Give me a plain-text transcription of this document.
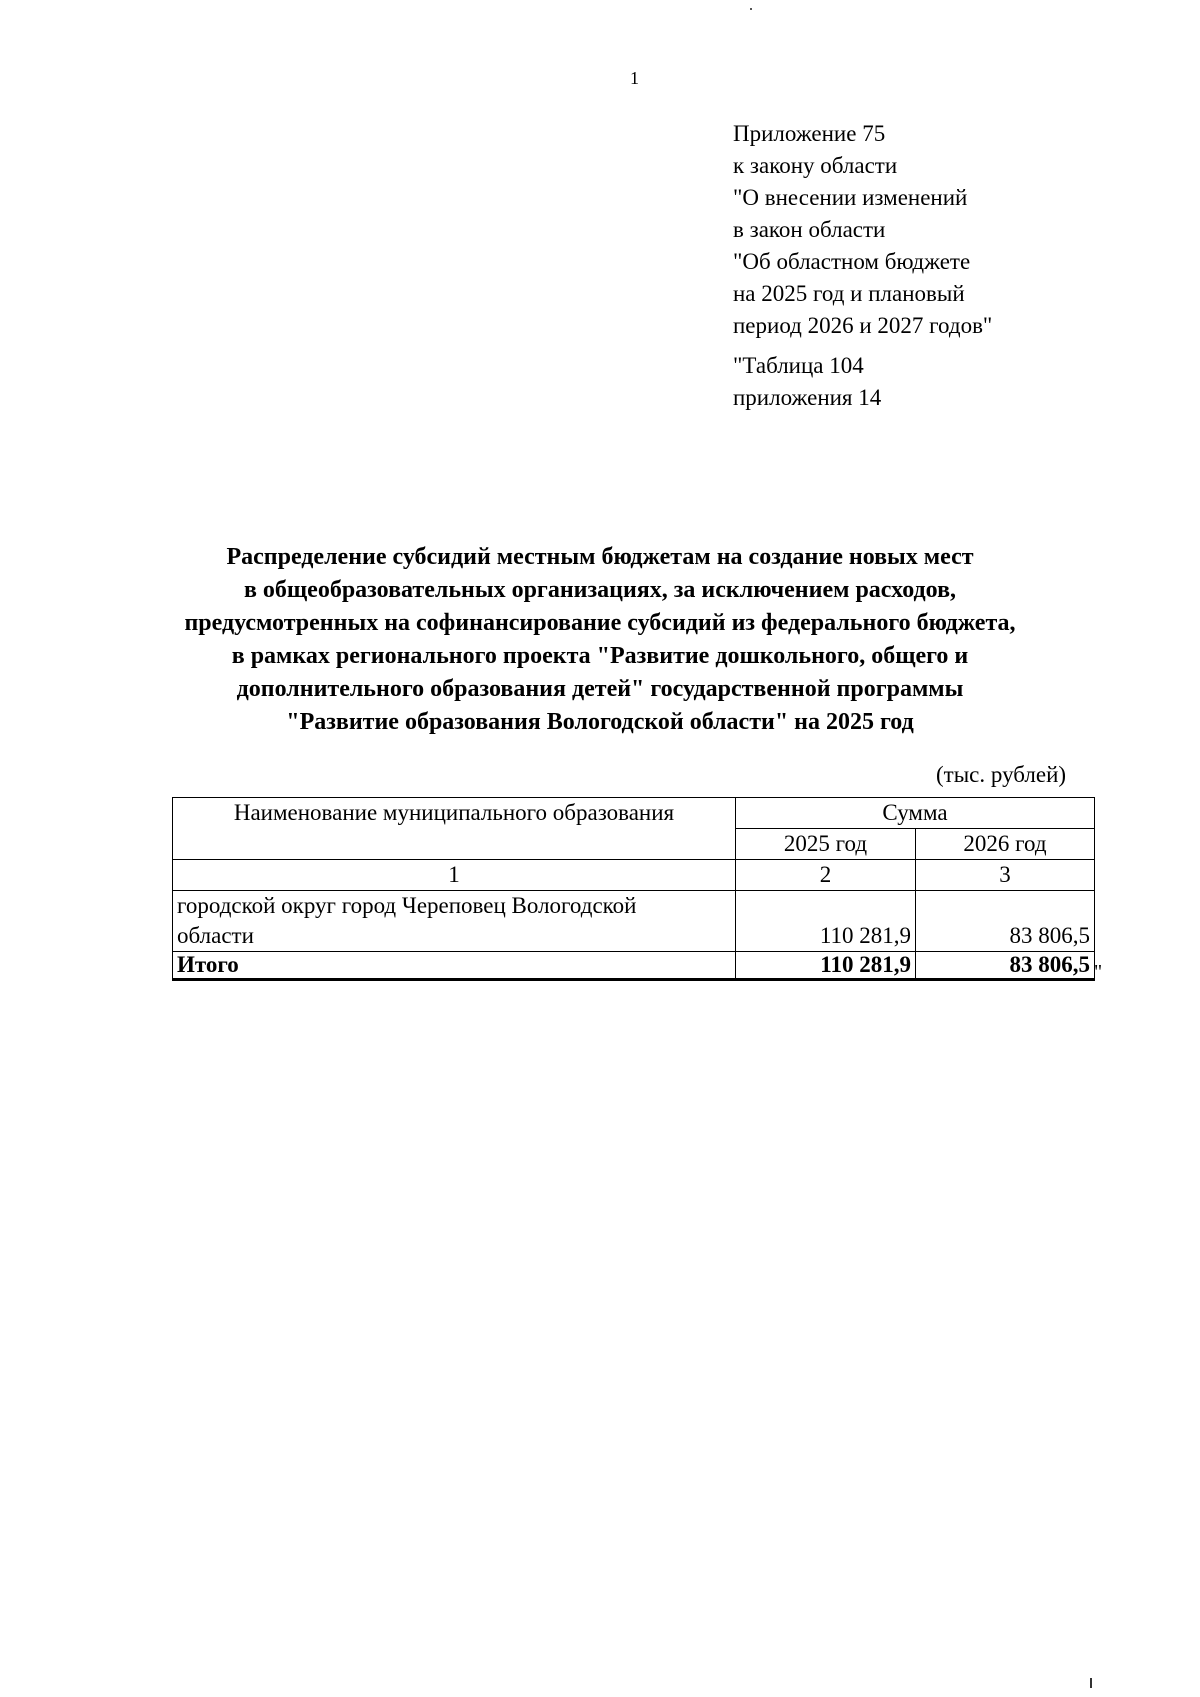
1
Приложение 75
к закону области
"О внесении изменений
в закон области
"Об областном бюджете
на 2025 год и плановый
период 2026 и 2027 годов"
"Таблица 104
приложения 14
Распределение субсидий местным бюджетам на создание новых мест
в общеобразовательных организациях, за исключением расходов,
предусмотренных на софинансирование субсидий из федерального бюджета,
в рамках регионального проекта "Развитие дошкольного, общего и
дополнительного образования детей" государственной программы
"Развитие образования Вологодской области" на 2025 год
(тыс. рублей)
Наименование муниципального образования	Сумма	
	2025 год	2026 год
1	2	3

городской округ город Череповец Вологодской
области	110 281,9	83 806,5
Итого	110 281,9	83 806,5 "
